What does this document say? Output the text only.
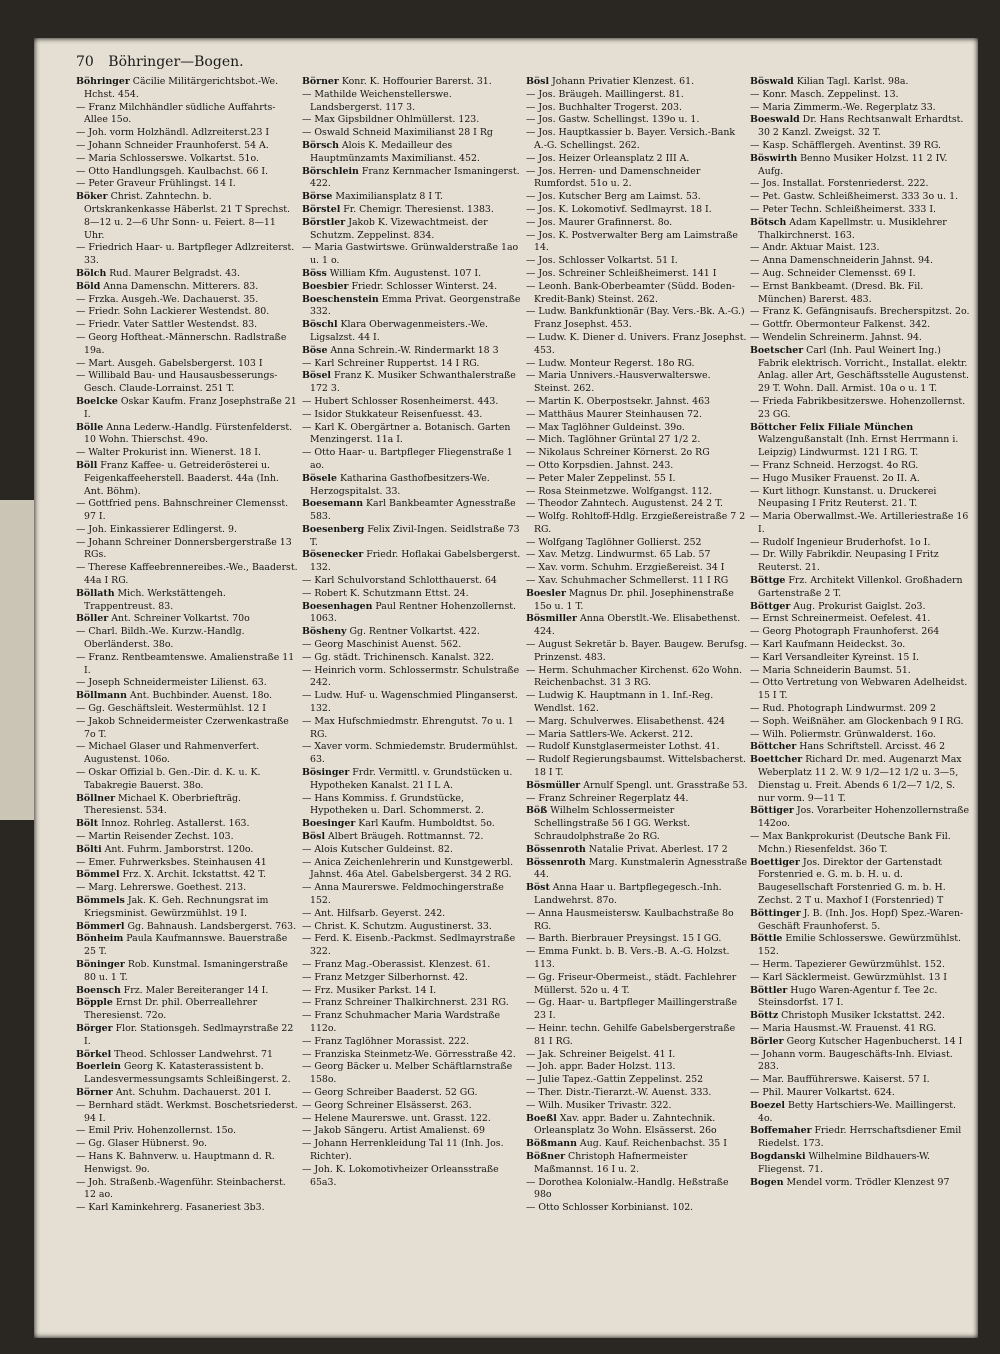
70 Böhringer—Bogen.

Böhringer Cäcilie Militärgerichtsbot.-We. Hchst. 454.

— Franz Milchhändler südliche Auffahrts-Allee 15o.

— Joh. vorm Holzhändl. Adlzreiterst.23 I

— Johann Schneider Fraunhoferst. 54 A.

— Maria Schlosserswe. Volkartst. 51o.

— Otto Handlungsgeh. Kaulbachst. 66 I.

— Peter Graveur Frühlingst. 14 I.

Böker Christ. Zahntechn. b. Ortskrankenkasse Häberlst. 21 T Sprechst. 8—12 u. 2—6 Uhr Sonn- u. Feiert. 8—11 Uhr.

— Friedrich Haar- u. Bartpfleger Adlzreiterst. 33.

Bölch Rud. Maurer Belgradst. 43.

Böld Anna Damenschn. Mitterers. 83.

— Frzka. Ausgeh.-We. Dachauerst. 35.

— Friedr. Sohn Lackierer Westendst. 80.

— Friedr. Vater Sattler Westendst. 83.

— Georg Hoftheat.-Männerschn. Radlstraße 19a.

— Mart. Ausgeh. Gabelsbergerst. 103 I

— Willibald Bau- und Hausausbesserungs-Gesch. Claude-Lorrainst. 251 T.

Boelcke Oskar Kaufm. Franz Josephstraße 21 I.

Bölle Anna Lederw.-Handlg. Fürstenfelderst. 10 Wohn. Thierschst. 49o.

— Walter Prokurist inn. Wienerst. 18 I.

Böll Franz Kaffee- u. Getreiderösterei u. Feigenkaffeeherstell. Baaderst. 44a (Inh. Ant. Böhm).

— Gottfried pens. Bahnschreiner Clemensst. 97 I.

— Joh. Einkassierer Edlingerst. 9.

— Johann Schreiner Donnersbergerstraße 13 RGs.

— Therese Kaffeebrennereibes.-We., Baaderst. 44a I RG.

Böllath Mich. Werkstättengeh. Trappentreust. 83.

Böller Ant. Schreiner Volkartst. 70o

— Charl. Bildh.-We. Kurzw.-Handlg. Oberländerst. 38o.

— Franz. Rentbeamtenswe. Amalienstraße 11 I.

— Joseph Schneidermeister Lilienst. 63.

Böllmann Ant. Buchbinder. Auenst. 18o.

— Gg. Geschäftsleit. Westermühlst. 12 I

— Jakob Schneidermeister Czerwenkastraße 7o T.

— Michael Glaser und Rahmenverfert. Augustenst. 106o.

— Oskar Offizial b. Gen.-Dir. d. K. u. K. Tabakregie Bauerst. 38o.

Böllner Michael K. Oberbriefträg. Theresienst. 534.

Bölt Innoz. Rohrleg. Astallerst. 163.

— Martin Reisender Zechst. 103.

Bölti Ant. Fuhrm. Jamborstrst. 120o.

— Emer. Fuhrwerksbes. Steinhausen 41

Bömmel Frz. X. Archit. Ickstattst. 42 T.

— Marg. Lehrerswe. Goethest. 213.

Bömmels Jak. K. Geh. Rechnungsrat im Kriegsminist. Gewürzmühlst. 19 I.

Bömmerl Gg. Bahnaush. Landsbergerst. 763.

Bönheim Paula Kaufmannswe. Bauerstraße 25 T.

Böninger Rob. Kunstmal. Ismaningerstraße 80 u. 1 T.

Boensch Frz. Maler Bereiteranger 14 I.

Böpple Ernst Dr. phil. Oberreallehrer Theresienst. 72o.

Börger Flor. Stationsgeh. Sedlmayrstraße 22 I.

Börkel Theod. Schlosser Landwehrst. 71

Boerlein Georg K. Katasterassistent b. Landesvermessungsamts Schleißingerst. 2.

Börner Ant. Schuhm. Dachauerst. 201 I.

— Bernhard städt. Werkmst. Boschetsriederst. 94 I.

— Emil Priv. Hohenzollernst. 15o.

— Gg. Glaser Hübnerst. 9o.

— Hans K. Bahnverw. u. Hauptmann d. R. Henwigst. 9o.

— Joh. Straßenb.-Wagenführ. Steinbacherst. 12 ao.

— Karl Kaminkehrerg. Fasaneriest 3b3.

Börner Konr. K. Hoffourier Barerst. 31.

— Mathilde Weichenstellerswe. Landsbergerst. 117 3.

— Max Gipsbildner Ohlmüllerst. 123.

— Oswald Schneid Maximilianst 28 I Rg

Börsch Alois K. Medailleur des Hauptmünzamts Maximilianst. 452.

Börschlein Franz Kernmacher Ismaningerst. 422.

Börse Maximiliansplatz 8 I T.

Börstel Fr. Chemigr. Theresienst. 1383.

Börstler Jakob K. Vizewachtmeist. der Schutzm. Zeppelinst. 834.

— Maria Gastwirtswe. Grünwalderstraße 1ao u. 1 o.

Böss William Kfm. Augustenst. 107 I.

Boesbier Friedr. Schlosser Winterst. 24.

Boeschenstein Emma Privat. Georgenstraße 332.

Böschl Klara Oberwagenmeisters.-We. Ligsalzst. 44 I.

Böse Anna Schrein.-W. Rindermarkt 18 3

— Karl Schreiner Ruppertst. 14 I RG.

Bösel Franz K. Musiker Schwanthalerstraße 172 3.

— Hubert Schlosser Rosenheimerst. 443.

— Isidor Stukkateur Reisenfuesst. 43.

— Karl K. Obergärtner a. Botanisch. Garten Menzingerst. 11a I.

— Otto Haar- u. Bartpfleger Fliegenstraße 1 ao.

Bösele Katharina Gasthofbesitzers-We. Herzogspitalst. 33.

Boesemann Karl Bankbeamter Agnesstraße 583.

Boesenberg Felix Zivil-Ingen. Seidlstraße 73 T.

Bösenecker Friedr. Hoflakai Gabelsbergerst. 132.

— Karl Schulvorstand Schlotthauerst. 64

— Robert K. Schutzmann Ettst. 24.

Boesenhagen Paul Rentner Hohenzollernst. 1063.

Bösheny Gg. Rentner Volkartst. 422.

— Georg Maschinist Auenst. 562.

— Gg. städt. Trichinensch. Kanalst. 322.

— Heinrich vorm. Schlossermstr. Schulstraße 242.

— Ludw. Huf- u. Wagenschmied Plinganserst. 132.

— Max Hufschmiedmstr. Ehrengutst. 7o u. 1 RG.

— Xaver vorm. Schmiedemstr. Brudermühlst. 63.

Bösinger Frdr. Vermittl. v. Grundstücken u. Hypotheken Kanalst. 21 I L A.

— Hans Kommiss. f. Grundstücke, Hypotheken u. Darl. Schommerst. 2.

Boesinger Karl Kaufm. Humboldtst. 5o.

Bösl Albert Bräugeh. Rottmannst. 72.

— Alois Kutscher Guldeinst. 82.

— Anica Zeichenlehrerin und Kunstgewerbl. Jahnst. 46a Atel. Gabelsbergerst. 34 2 RG.

— Anna Maurerswe. Feldmochingerstraße 152.

— Ant. Hilfsarb. Geyerst. 242.

— Christ. K. Schutzm. Augustinerst. 33.

— Ferd. K. Eisenb.-Packmst. Sedlmayrstraße 322.

— Franz Mag.-Oberassist. Klenzest. 61.

— Franz Metzger Silberhornst. 42.

— Frz. Musiker Parkst. 14 I.

— Franz Schreiner Thalkirchnerst. 231 RG.

— Franz Schuhmacher Maria Wardstraße 112o.

— Franz Taglöhner Morassist. 222.

— Franziska Steinmetz-We. Görresstraße 42.

— Georg Bäcker u. Melber Schäftlarnstraße 158o.

— Georg Schreiber Baaderst. 52 GG.

— Georg Schreiner Elsässerst. 263.

— Helene Maurerswe. unt. Grasst. 122.

— Jakob Sängeru. Artist Amalienst. 69

— Johann Herrenkleidung Tal 11 (Inh. Jos. Richter).

— Joh. K. Lokomotivheizer Orleansstraße 65a3.

Bösl Johann Privatier Klenzest. 61.

— Jos. Bräugeh. Maillingerst. 81.

— Jos. Buchhalter Trogerst. 203.

— Jos. Gastw. Schellingst. 139o u. 1.

— Jos. Hauptkassier b. Bayer. Versich.-Bank A.-G. Schellingst. 262.

— Jos. Heizer Orleansplatz 2 III A.

— Jos. Herren- und Damenschneider Rumfordst. 51o u. 2.

— Jos. Kutscher Berg am Laimst. 53.

— Jos. K. Lokomotivf. Sedlmayrst. 18 I.

— Jos. Maurer Grafinnerst. 8o.

— Jos. K. Postverwalter Berg am Laimstraße 14.

— Jos. Schlosser Volkartst. 51 I.

— Jos. Schreiner Schleißheimerst. 141 I

— Leonh. Bank-Oberbeamter (Südd. Boden-Kredit-Bank) Steinst. 262.

— Ludw. Bankfunktionär (Bay. Vers.-Bk. A.-G.) Franz Josephst. 453.

— Ludw. K. Diener d. Univers. Franz Josephst. 453.

— Ludw. Monteur Regerst. 18o RG.

— Maria Unnivers.-Hausverwalterswe. Steinst. 262.

— Martin K. Oberpostsekr. Jahnst. 463

— Matthäus Maurer Steinhausen 72.

— Max Taglöhner Guldeinst. 39o.

— Mich. Taglöhner Grüntal 27 1/2 2.

— Nikolaus Schreiner Körnerst. 2o RG

— Otto Korpsdien. Jahnst. 243.

— Peter Maler Zeppelinst. 55 I.

— Rosa Steinmetzwe. Wolfgangst. 112.

— Theodor Zahntech. Augustenst. 24 2 T.

— Wolfg. Rohltoff-Hdlg. Erzgießereistraße 7 2 RG.

— Wolfgang Taglöhner Gollierst. 252

— Xav. Metzg. Lindwurmst. 65 Lab. 57

— Xav. vorm. Schuhm. Erzgießereist. 34 I

— Xav. Schuhmacher Schmellerst. 11 I RG

Boesler Magnus Dr. phil. Josephinenstraße 15o u. 1 T.

Bösmiller Anna Oberstlt.-We. Elisabethenst. 424.

— August Sekretär b. Bayer. Baugew. Berufsg. Prinzenst. 483.

— Herm. Schuhmacher Kirchenst. 62o Wohn. Reichenbachst. 31 3 RG.

— Ludwig K. Hauptmann in 1. Inf.-Reg. Wendlst. 162.

— Marg. Schulverwes. Elisabethenst. 424

— Maria Sattlers-We. Ackerst. 212.

— Rudolf Kunstglasermeister Lothst. 41.

— Rudolf Regierungsbaumst. Wittelsbacherst. 18 I T.

Bösmüller Arnulf Spengl. unt. Grasstraße 53.

— Franz Schreiner Regerplatz 44.

Böß Wilhelm Schlossermeister Schellingstraße 56 I GG. Werkst. Schraudolphstraße 2o RG.

Bössenroth Natalie Privat. Aberlest. 17 2

Bössenroth Marg. Kunstmalerin Agnesstraße 44.

Böst Anna Haar u. Bartpflegegesch.-Inh. Landwehrst. 87o.

— Anna Hausmeistersw. Kaulbachstraße 8o RG.

— Barth. Bierbrauer Preysingst. 15 I GG.

— Emma Funkt. b. B. Vers.-B. A.-G. Holzst. 113.

— Gg. Friseur-Obermeist., städt. Fachlehrer Müllerst. 52o u. 4 T.

— Gg. Haar- u. Bartpfleger Maillingerstraße 23 I.

— Heinr. techn. Gehilfe Gabelsbergerstraße 81 I RG.

— Jak. Schreiner Beigelst. 41 I.

— Joh. appr. Bader Holzst. 113.

— Julie Tapez.-Gattin Zeppelinst. 252

— Ther. Distr.-Tierarzt.-W. Auenst. 333.

— Wilh. Musiker Trivastr. 322.

Boeßl Xav. appr. Bader u. Zahntechnik. Orleansplatz 3o Wohn. Elsässerst. 26o

Bößmann Aug. Kauf. Reichenbachst. 35 I

Bößner Christoph Hafnermeister Maßmannst. 16 I u. 2.

— Dorothea Kolonialw.-Handlg. Heßstraße 98o

— Otto Schlosser Korbinianst. 102.

Böswald Kilian Tagl. Karlst. 98a.

— Konr. Masch. Zeppelinst. 13.

— Maria Zimmerm.-We. Regerplatz 33.

Boeswald Dr. Hans Rechtsanwalt Erhardtst. 30 2 Kanzl. Zweigst. 32 T.

— Kasp. Schäfflergeh. Aventinst. 39 RG.

Böswirth Benno Musiker Holzst. 11 2 IV. Aufg.

— Jos. Installat. Forstenriederst. 222.

— Pet. Gastw. Schleißheimerst. 333 3o u. 1.

— Peter Techn. Schleißheimerst. 333 I.

Bötsch Adam Kapellmstr. u. Musiklehrer Thalkirchnerst. 163.

— Andr. Aktuar Maist. 123.

— Anna Damenschneiderin Jahnst. 94.

— Aug. Schneider Clemensst. 69 I.

— Ernst Bankbeamt. (Dresd. Bk. Fil. München) Barerst. 483.

— Franz K. Gefängnisaufs. Brecherspitzst. 2o.

— Gottfr. Obermonteur Falkenst. 342.

— Wendelin Schreinerm. Jahnst. 94.

Boetscher Carl (Inh. Paul Weinert Ing.) Fabrik elektrisch. Vorricht., Installat. elektr. Anlag. aller Art, Geschäftsstelle Augustenst. 29 T. Wohn. Dall. Armist. 10a o u. 1 T.

— Frieda Fabrikbesitzerswe. Hohenzollernst. 23 GG.

Böttcher Felix Filiale München Walzengußanstalt (Inh. Ernst Herrmann i. Leipzig) Lindwurmst. 121 I RG. T.

— Franz Schneid. Herzogst. 4o RG.

— Hugo Musiker Frauenst. 2o II. A.

— Kurt lithogr. Kunstanst. u. Druckerei Neupasing I Fritz Reuterst. 21. T.

— Maria Oberwallmst.-We. Artilleriestraße 16 I.

— Rudolf Ingenieur Bruderhofst. 1o I.

— Dr. Willy Fabrikdir. Neupasing I Fritz Reuterst. 21.

Böttge Frz. Architekt Villenkol. Großhadern Gartenstraße 2 T.

Böttger Aug. Prokurist Gaiglst. 2o3.

— Ernst Schreinermeist. Oefelest. 41.

— Georg Photograph Fraunhoferst. 264

— Karl Kaufmann Heideckst. 3o.

— Karl Versandleiter Kyreinst. 15 I.

— Maria Schneiderin Baumst. 51.

— Otto Vertretung von Webwaren Adelheidst. 15 I T.

— Rud. Photograph Lindwurmst. 209 2

— Soph. Weißnäher. am Glockenbach 9 I RG.

— Wilh. Poliermstr. Grünwalderst. 16o.

Böttcher Hans Schriftstell. Arcisst. 46 2

Boettcher Richard Dr. med. Augenarzt Max Weberplatz 11 2. W. 9 1/2—12 1/2 u. 3—5, Dienstag u. Freit. Abends 6 1/2—7 1/2, S. nur vorm. 9—11 T.

Böttiger Jos. Vorarbeiter Hohenzollernstraße 142oo.

— Max Bankprokurist (Deutsche Bank Fil. Mchn.) Riesenfeldst. 36o T.

Boettiger Jos. Direktor der Gartenstadt Forstenried e. G. m. b. H. u. d. Baugesellschaft Forstenried G. m. b. H. Zechst. 2 T u. Maxhof I (Forstenried) T

Böttinger J. B. (Inh. Jos. Hopf) Spez.-Waren-Geschäft Fraunhoferst. 5.

Böttle Emilie Schlosserswe. Gewürzmühlst. 152.

— Herm. Tapezierer Gewürzmühlst. 152.

— Karl Säcklermeist. Gewürzmühlst. 13 I

Böttler Hugo Waren-Agentur f. Tee 2c. Steinsdorfst. 17 I.

Böttz Christoph Musiker Ickstattst. 242.

— Maria Hausmst.-W. Frauenst. 41 RG.

Börler Georg Kutscher Hagenbucherst. 14 I

— Johann vorm. Baugeschäfts-Inh. Elviast. 283.

— Mar. Baufführerswe. Kaiserst. 57 I.

— Phil. Maurer Volkartst. 624.

Boezel Betty Hartschiers-We. Maillingerst. 4o.

Boffemaher Friedr. Herrschaftsdiener Emil Riedelst. 173.

Bogdanski Wilhelmine Bildhauers-W. Fliegenst. 71.

Bogen Mendel vorm. Trödler Klenzest 97
